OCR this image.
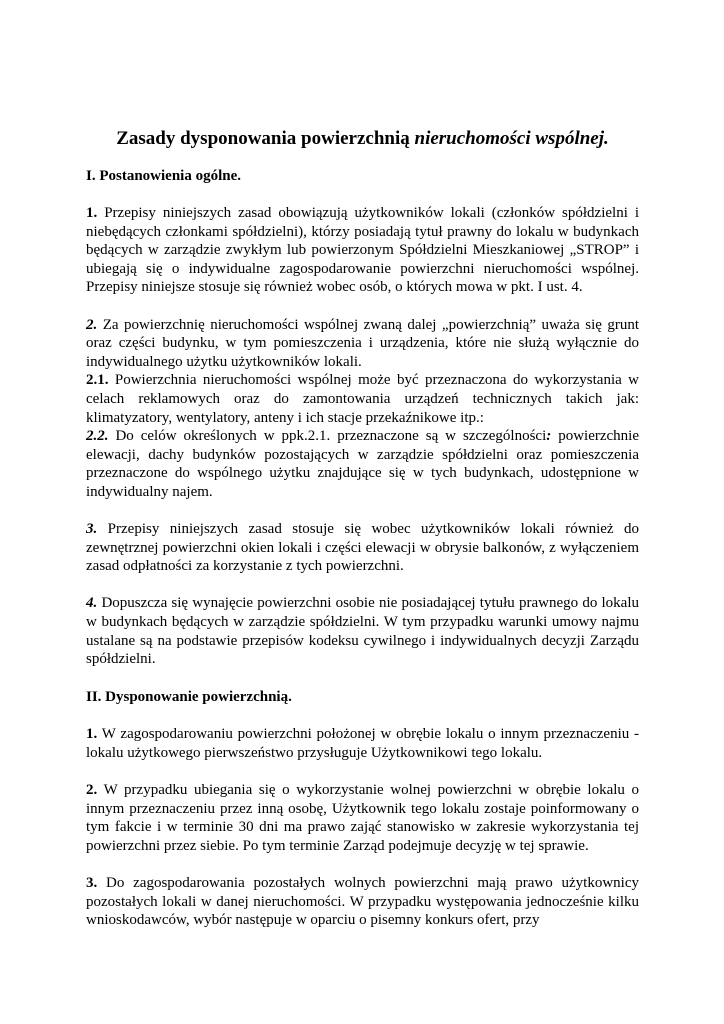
Zasady dysponowania powierzchnią nieruchomości wspólnej.
I. Postanowienia ogólne.

1. Przepisy niniejszych zasad obowiązują użytkowników lokali (członków spółdzielni i niebędących członkami spółdzielni), którzy posiadają tytuł prawny do lokalu w budynkach będących w zarządzie zwykłym lub powierzonym Spółdzielni Mieszkaniowej „STROP” i ubiegają się o indywidualne zagospodarowanie powierzchni nieruchomości wspólnej. Przepisy niniejsze stosuje się również wobec osób, o których mowa w pkt. I ust. 4.

2. Za powierzchnię nieruchomości wspólnej zwaną dalej „powierzchnią” uważa się grunt oraz części budynku, w tym pomieszczenia i urządzenia, które nie służą wyłącznie do indywidualnego użytku użytkowników lokali.

2.1. Powierzchnia nieruchomości wspólnej może być przeznaczona do wykorzystania w celach reklamowych oraz do zamontowania urządzeń technicznych takich jak: klimatyzatory, wentylatory, anteny i ich stacje przekaźnikowe itp.:

2.2. Do celów określonych w ppk.2.1. przeznaczone są w szczególności: powierzchnie elewacji, dachy budynków pozostających w zarządzie spółdzielni oraz pomieszczenia przeznaczone do wspólnego użytku znajdujące się w tych budynkach, udostępnione w indywidualny najem.

3. Przepisy niniejszych zasad stosuje się wobec użytkowników lokali również do zewnętrznej powierzchni okien lokali i części elewacji w obrysie balkonów, z wyłączeniem zasad odpłatności za korzystanie z tych powierzchni.

4. Dopuszcza się wynajęcie powierzchni osobie nie posiadającej tytułu prawnego do lokalu w budynkach będących w zarządzie spółdzielni. W tym przypadku warunki umowy najmu ustalane są na podstawie przepisów kodeksu cywilnego i indywidualnych decyzji Zarządu spółdzielni.

II. Dysponowanie powierzchnią.

1. W zagospodarowaniu powierzchni położonej w obrębie lokalu o innym przeznaczeniu - lokalu użytkowego pierwszeństwo przysługuje Użytkownikowi tego lokalu.

2. W przypadku ubiegania się o wykorzystanie wolnej powierzchni w obrębie lokalu o innym przeznaczeniu przez inną osobę, Użytkownik tego lokalu zostaje poinformowany o tym fakcie i w terminie 30 dni ma prawo zająć stanowisko w zakresie wykorzystania tej powierzchni przez siebie. Po tym terminie Zarząd podejmuje decyzję w tej sprawie.

3. Do zagospodarowania pozostałych wolnych powierzchni mają prawo użytkownicy pozostałych lokali w danej nieruchomości. W przypadku występowania jednocześnie kilku wnioskodawców, wybór następuje w oparciu o pisemny konkurs ofert, przy
